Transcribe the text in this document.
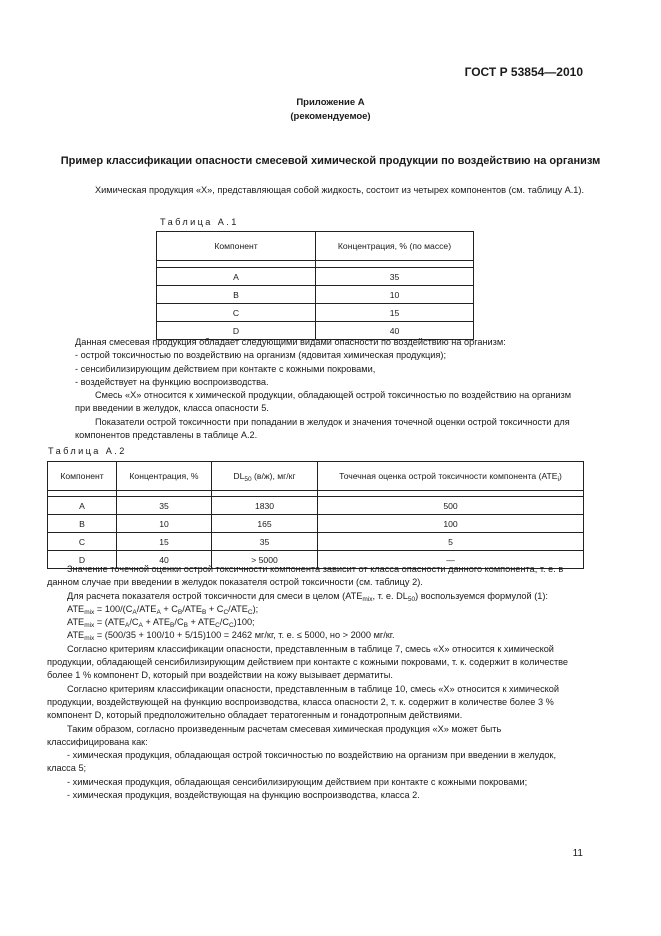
ГОСТ Р 53854—2010
Приложение А
(рекомендуемое)
Пример классификации опасности смесевой химической продукции по воздействию на организм
Химическая продукция «Х», представляющая собой жидкость, состоит из четырех компонентов (см. таблицу А.1).
Таблица А.1
Компонент	Концентрация, % (по массе)

A	35
B	10
C	15
D	40
Данная смесевая продукция обладает следующими видами опасности по воздействию на организм:
- острой токсичностью по воздействию на организм (ядовитая химическая продукция);
- сенсибилизирующим действием при контакте с кожными покровами,
- воздействует на функцию воспроизводства.
Смесь «Х» относится к химической продукции, обладающей острой токсичностью по воздействию на организм при введении в желудок, класса опасности 5.
Показатели острой токсичности при попадании в желудок и значения точечной оценки острой токсичности для компонентов представлены в таблице А.2.
Таблица А.2
Компонент	Концентрация, %	$DL_{50}$ (в/ж), мг/кг	Точечная оценка острой токсичности компонента $(ATE_i)$

A	35	1830	500
B	10	165	100
C	15	35	5
D	40	> 5000	—
Значение точечной оценки острой токсичности компонента зависит от класса опасности данного компонента, т. е. в данном случае при введении в желудок показателя острой токсичности (см. таблицу 2).
Для расчета показателя острой токсичности для смеси в целом ($ATE_{mix}$, т. е. $DL_{50}$) воспользуемся формулой (1):
$ATE_{mix} = 100/(C_A/ATE_A + C_B/ATE_B + C_C/ATE_C)$;
$ATE_{mix} = (ATE_A/C_A + ATE_B/C_B + ATE_C/C_C)100$;
$ATE_{mix} = (500/35 + 100/10 + 5/15)100 = 2462$ мг/кг, т. е. ≤ 5000, но > 2000 мг/кг.
Согласно критериям классификации опасности, представленным в таблице 7, смесь «Х» относится к химической продукции, обладающей сенсибилизирующим действием при контакте с кожными покровами, т. к. содержит в количестве более 1 % компонент D, который при воздействии на кожу вызывает дерматиты.
Согласно критериям классификации опасности, представленным в таблице 10, смесь «Х» относится к химической продукции, воздействующей на функцию воспроизводства, класса опасности 2, т. к. содержит в количестве более 3 % компонент D, который предположительно обладает тератогенным и гонадотропным действиями.
Таким образом, согласно произведенным расчетам смесевая химическая продукция «Х» может быть классифицирована как:
- химическая продукция, обладающая острой токсичностью по воздействию на организм при введении в желудок, класса 5;
- химическая продукция, обладающая сенсибилизирующим действием при контакте с кожными покровами;
- химическая продукция, воздействующая на функцию воспроизводства, класса 2.
11
